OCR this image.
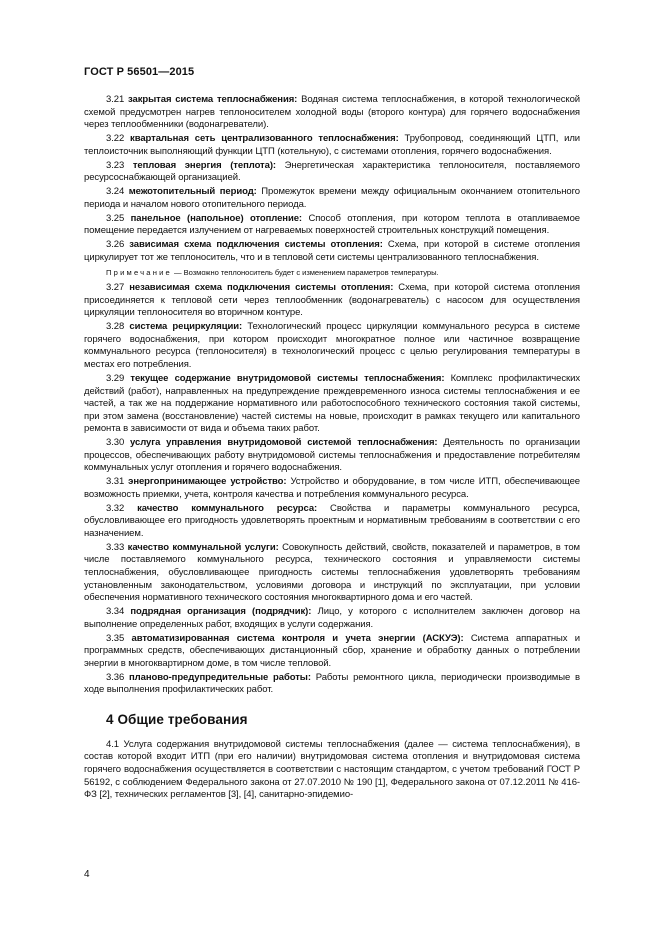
ГОСТ Р 56501—2015

3.21 закрытая система теплоснабжения: Водяная система теплоснабжения, в которой технологической схемой предусмотрен нагрев теплоносителем холодной воды (второго контура) для горячего водоснабжения через теплообменники (водонагреватели).

3.22 квартальная сеть централизованного теплоснабжения: Трубопровод, соединяющий ЦТП, или теплоисточник выполняющий функции ЦТП (котельную), с системами отопления, горячего водоснабжения.

3.23 тепловая энергия (теплота): Энергетическая характеристика теплоносителя, поставляемого ресурсоснабжающей организацией.

3.24 межотопительный период: Промежуток времени между официальным окончанием отопительного периода и началом нового отопительного периода.

3.25 панельное (напольное) отопление: Способ отопления, при котором теплота в отапливаемое помещение передается излучением от нагреваемых поверхностей строительных конструкций помещения.

3.26 зависимая схема подключения системы отопления: Схема, при которой в системе отопления циркулирует тот же теплоноситель, что и в тепловой сети системы централизованного теплоснабжения.

Примечание — Возможно теплоноситель будет с изменением параметров температуры.

3.27 независимая схема подключения системы отопления: Схема, при которой система отопления присоединяется к тепловой сети через теплообменник (водонагреватель) с насосом для осуществления циркуляции теплоносителя во вторичном контуре.

3.28 система рециркуляции: Технологический процесс циркуляции коммунального ресурса в системе горячего водоснабжения, при котором происходит многократное полное или частичное возвращение коммунального ресурса (теплоносителя) в технологический процесс с целью регулирования температуры в местах его потребления.

3.29 текущее содержание внутридомовой системы теплоснабжения: Комплекс профилактических действий (работ), направленных на предупреждение преждевременного износа системы теплоснабжения и ее частей, а так же на поддержание нормативного или работоспособного технического состояния такой системы, при этом замена (восстановление) частей системы на новые, происходит в рамках текущего или капитального ремонта в зависимости от вида и объема таких работ.

3.30 услуга управления внутридомовой системой теплоснабжения: Деятельность по организации процессов, обеспечивающих работу внутридомовой системы теплоснабжения и предоставление потребителям коммунальных услуг отопления и горячего водоснабжения.

3.31 энергопринимающее устройство: Устройство и оборудование, в том числе ИТП, обеспечивающее возможность приемки, учета, контроля качества и потребления коммунального ресурса.

3.32 качество коммунального ресурса: Свойства и параметры коммунального ресурса, обусловливающее его пригодность удовлетворять проектным и нормативным требованиям в соответствии с его назначением.

3.33 качество коммунальной услуги: Совокупность действий, свойств, показателей и параметров, в том числе поставляемого коммунального ресурса, технического состояния и управляемости системы теплоснабжения, обусловливающее пригодность системы теплоснабжения удовлетворять требованиям установленным законодательством, условиями договора и инструкций по эксплуатации, при условии обеспечения нормативного технического состояния многоквартирного дома и его частей.

3.34 подрядная организация (подрядчик): Лицо, у которого с исполнителем заключен договор на выполнение определенных работ, входящих в услуги содержания.

3.35 автоматизированная система контроля и учета энергии (АСКУЭ): Система аппаратных и программных средств, обеспечивающих дистанционный сбор, хранение и обработку данных о потреблении энергии в многоквартирном доме, в том числе тепловой.

3.36 планово-предупредительные работы: Работы ремонтного цикла, периодически производимые в ходе выполнения профилактических работ.

4 Общие требования

4.1 Услуга содержания внутридомовой системы теплоснабжения (далее — система теплоснабжения), в состав которой входит ИТП (при его наличии) внутридомовая система отопления и внутридомовая система горячего водоснабжения осуществляется в соответствии с настоящим стандартом, с учетом требований ГОСТ Р 56192, с соблюдением Федерального закона от 27.07.2010 № 190 [1], Федерального закона от 07.12.2011 № 416-ФЗ [2], технических регламентов [3], [4], санитарно-эпидемио-

4
